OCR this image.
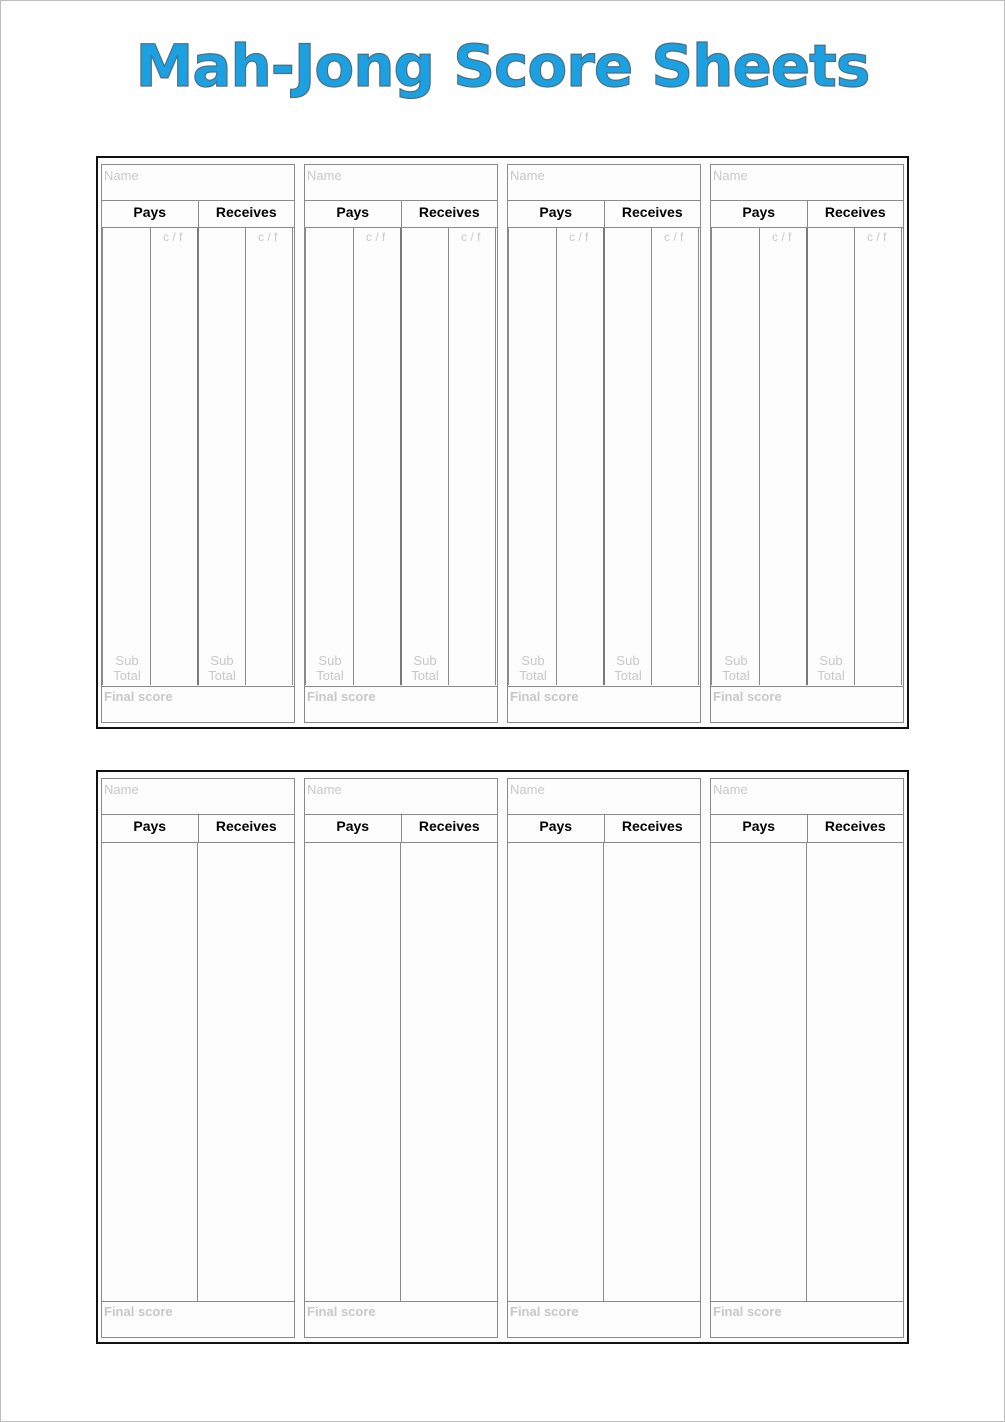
Mah-Jong Score Sheets
Name
Pays	Receives
c / f	c / f
Sub
Total
Sub
Total
Final score
Name
Pays	Receives
c / f	c / f
Sub
Total
Sub
Total
Final score
Name
Pays	Receives
c / f	c / f
Sub
Total
Sub
Total
Final score
Name
Pays	Receives
c / f	c / f
Sub
Total
Sub
Total
Final score
Name
Pays	Receives
Final score
Name
Pays	Receives
Final score
Name
Pays	Receives
Final score
Name
Pays	Receives
Final score
